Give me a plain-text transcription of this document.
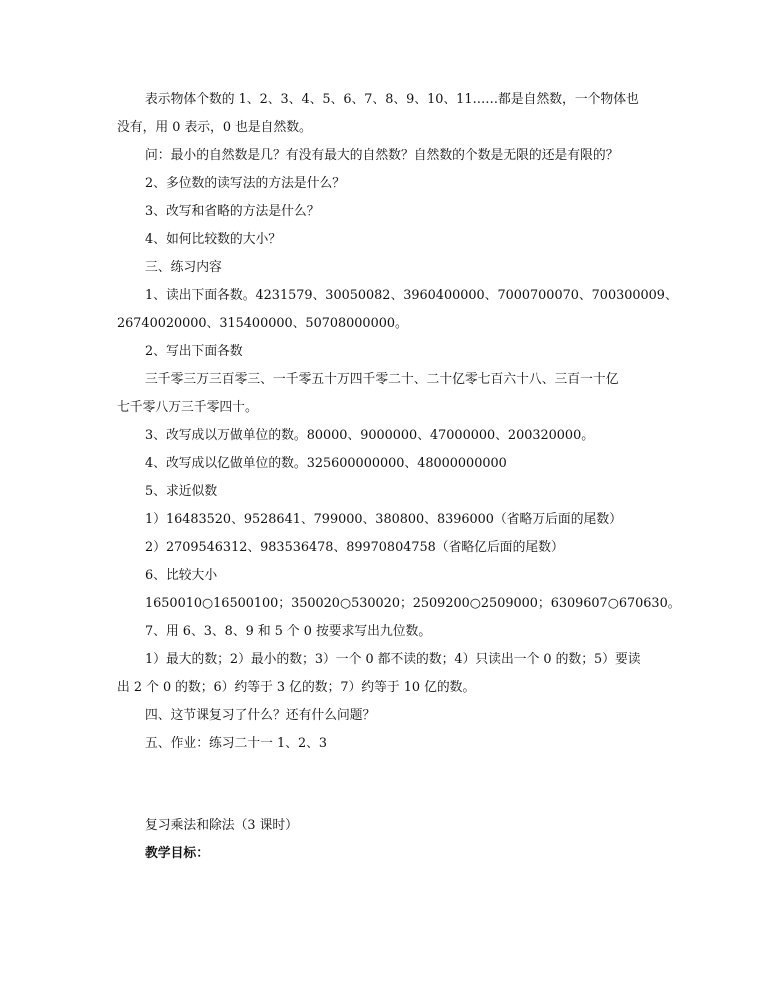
表示物体个数的 1、2、3、4、5、6、7、8、9、10、11……都是自然数，一个物体也
没有，用 0 表示，0 也是自然数。
问：最小的自然数是几？有没有最大的自然数？自然数的个数是无限的还是有限的？
2、多位数的读写法的方法是什么？
3、改写和省略的方法是什么？
4、如何比较数的大小？
三、练习内容
1、读出下面各数。4231579、30050082、3960400000、7000700070、700300009、
26740020000、315400000、50708000000。
2、写出下面各数
三千零三万三百零三、一千零五十万四千零二十、二十亿零七百六十八、三百一十亿
七千零八万三千零四十。
3、改写成以万做单位的数。80000、9000000、47000000、200320000。
4、改写成以亿做单位的数。325600000000、48000000000
5、求近似数
1）16483520、9528641、799000、380800、8396000（省略万后面的尾数）
2）2709546312、983536478、89970804758（省略亿后面的尾数）
6、比较大小
1650010○16500100；350020○530020；2509200○2509000；6309607○670630。
7、用 6、3、8、9 和 5 个 0 按要求写出九位数。
1）最大的数；2）最小的数；3）一个 0 都不读的数；4）只读出一个 0 的数；5）要读
出 2 个 0 的数；6）约等于 3 亿的数；7）约等于 10 亿的数。
四、这节课复习了什么？还有什么问题？
五、作业：练习二十一 1、2、3
复习乘法和除法（3 课时）
教学目标：
